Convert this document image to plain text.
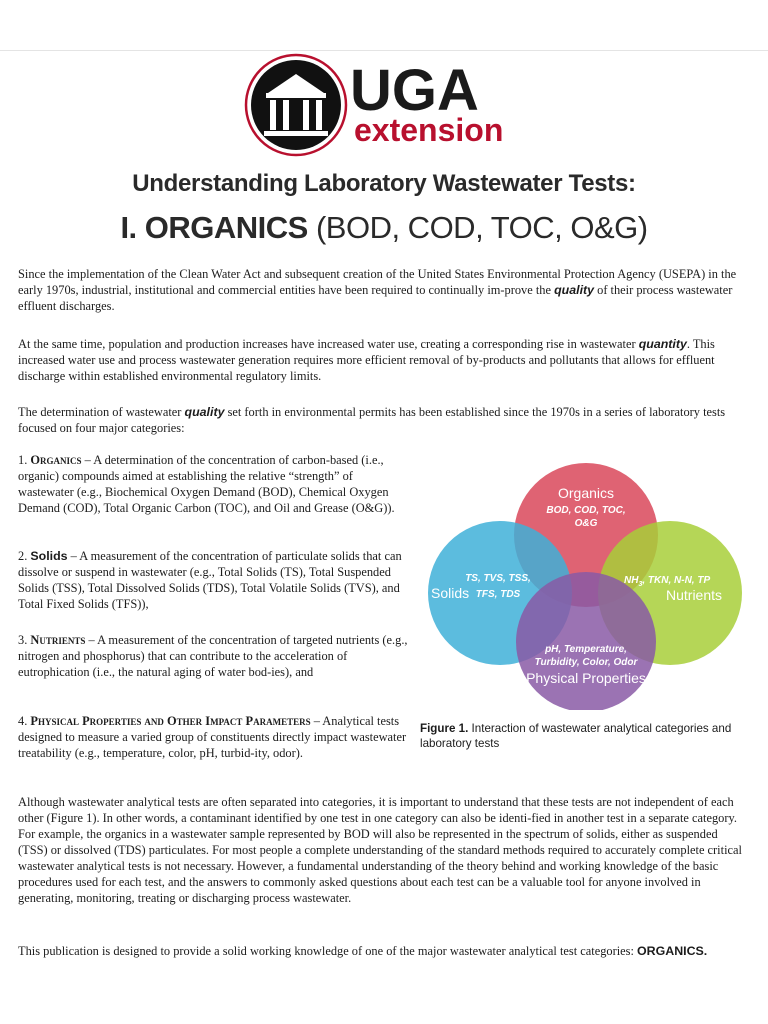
UGA
extension
Understanding Laboratory Wastewater Tests:
I. ORGANICS (BOD, COD, TOC, O&G)

Since the implementation of the Clean Water Act and subsequent creation of the United States Environmental Protection Agency (USEPA) in the early 1970s, industrial, institutional and commercial entities have been required to continually im-prove the quality of their process wastewater effluent discharges.

At the same time, population and production increases have increased water use, creating a corresponding rise in wastewater quantity. This increased water use and process wastewater generation requires more efficient removal of by-products and pollutants that allows for effluent discharge within established environmental regulatory limits.

The determination of wastewater quality set forth in environmental permits has been established since the 1970s in a series of laboratory tests focused on four major categories:

1. Organics – A determination of the concentration of carbon-based (i.e., organic) compounds aimed at establishing the relative “strength” of wastewater (e.g., Biochemical Oxygen Demand (BOD), Chemical Oxygen Demand (COD), Total Organic Carbon (TOC), and Oil and Grease (O&G)).

2. Solids – A measurement of the concentration of particulate solids that can dissolve or suspend in wastewater (e.g., Total Solids (TS), Total Suspended Solids (TSS), Total Dissolved Solids (TDS), Total Volatile Solids (TVS), and Total Fixed Solids (TFS)),

3. Nutrients – A measurement of the concentration of targeted nutrients (e.g., nitrogen and phosphorus) that can contribute to the acceleration of eutrophication (i.e., the natural aging of water bod-ies), and

4. Physical Properties and Other Impact Parameters – Analytical tests designed to measure a varied group of constituents directly impact wastewater treatability (e.g., temperature, color, pH, turbid-ity, odor).

Organics
BOD, COD, TOC,
O&G
Solids
TS, TVS, TSS,
TFS, TDS
$NH_3$, TKN, N-N, TP
Nutrients
pH, Temperature,
Turbidity, Color, Odor
Physical Properties

Figure 1. Interaction of wastewater analytical categories and laboratory tests

Although wastewater analytical tests are often separated into categories, it is important to understand that these tests are not independent of each other (Figure 1). In other words, a contaminant identified by one test in one category can also be identi-fied in another test in a separate category. For example, the organics in a wastewater sample represented by BOD will also be represented in the spectrum of solids, either as suspended (TSS) or dissolved (TDS) particulates. For most people a complete understanding of the standard methods required to accurately complete critical wastewater analytical tests is not necessary. However, a fundamental understanding of the theory behind and working knowledge of the basic procedures used for each test, and the answers to commonly asked questions about each test can be a valuable tool for anyone involved in generating, monitoring, treating or discharging process wastewater.

This publication is designed to provide a solid working knowledge of one of the major wastewater analytical test categories: ORGANICS.
